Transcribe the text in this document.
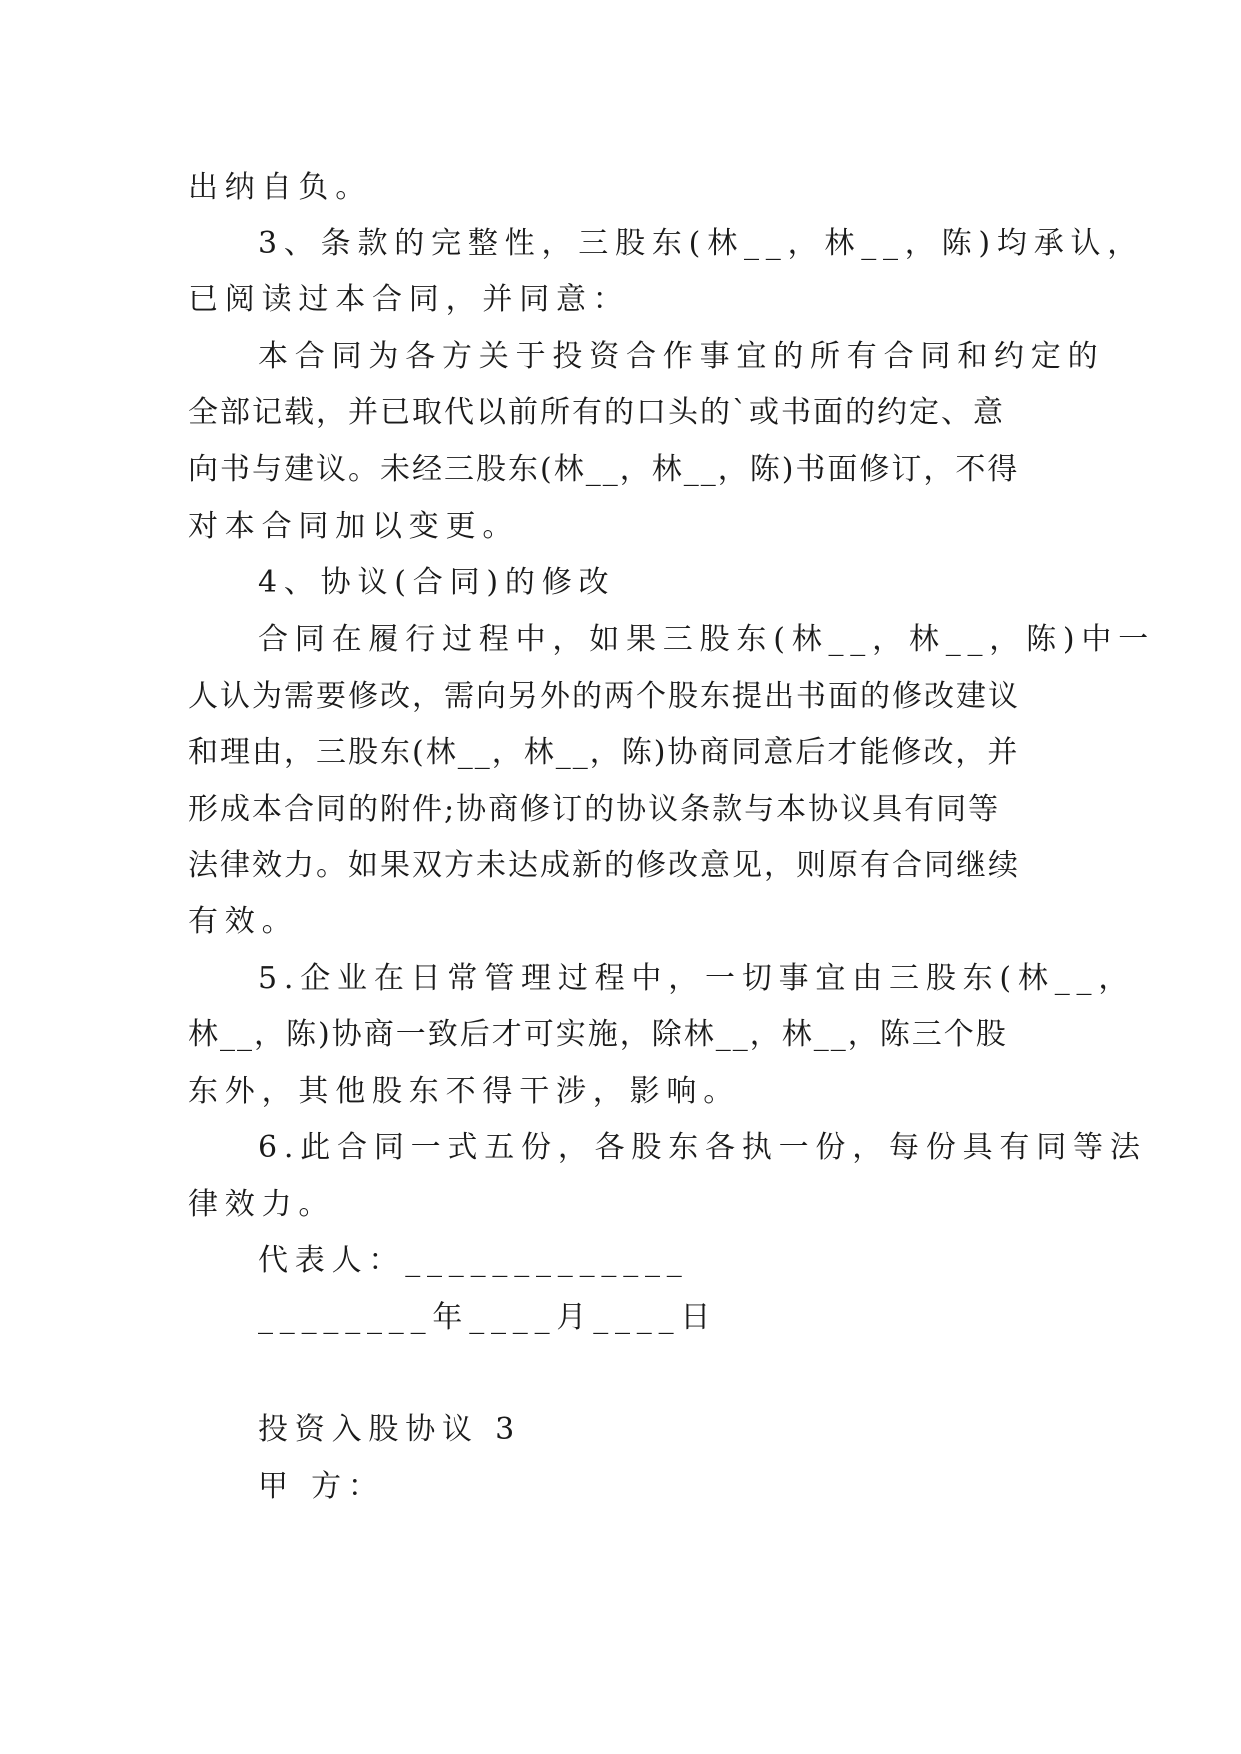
出纳自负。
3、条款的完整性，三股东(林__，林__，陈)均承认，
已阅读过本合同，并同意：
本合同为各方关于投资合作事宜的所有合同和约定的
全部记载，并已取代以前所有的口头的`或书面的约定、意
向书与建议。未经三股东(林__，林__，陈)书面修订，不得
对本合同加以变更。
4、协议(合同)的修改
合同在履行过程中，如果三股东(林__，林__，陈)中一
人认为需要修改，需向另外的两个股东提出书面的修改建议
和理由，三股东(林__，林__，陈)协商同意后才能修改，并
形成本合同的附件;协商修订的协议条款与本协议具有同等
法律效力。如果双方未达成新的修改意见，则原有合同继续
有效。
5.企业在日常管理过程中，一切事宜由三股东(林__，
林__，陈)协商一致后才可实施，除林__，林__，陈三个股
东外，其他股东不得干涉，影响。
6.此合同一式五份，各股东各执一份，每份具有同等法
律效力。
代表人：_____________
________年____月____日
投资入股协议 3
甲 方：
